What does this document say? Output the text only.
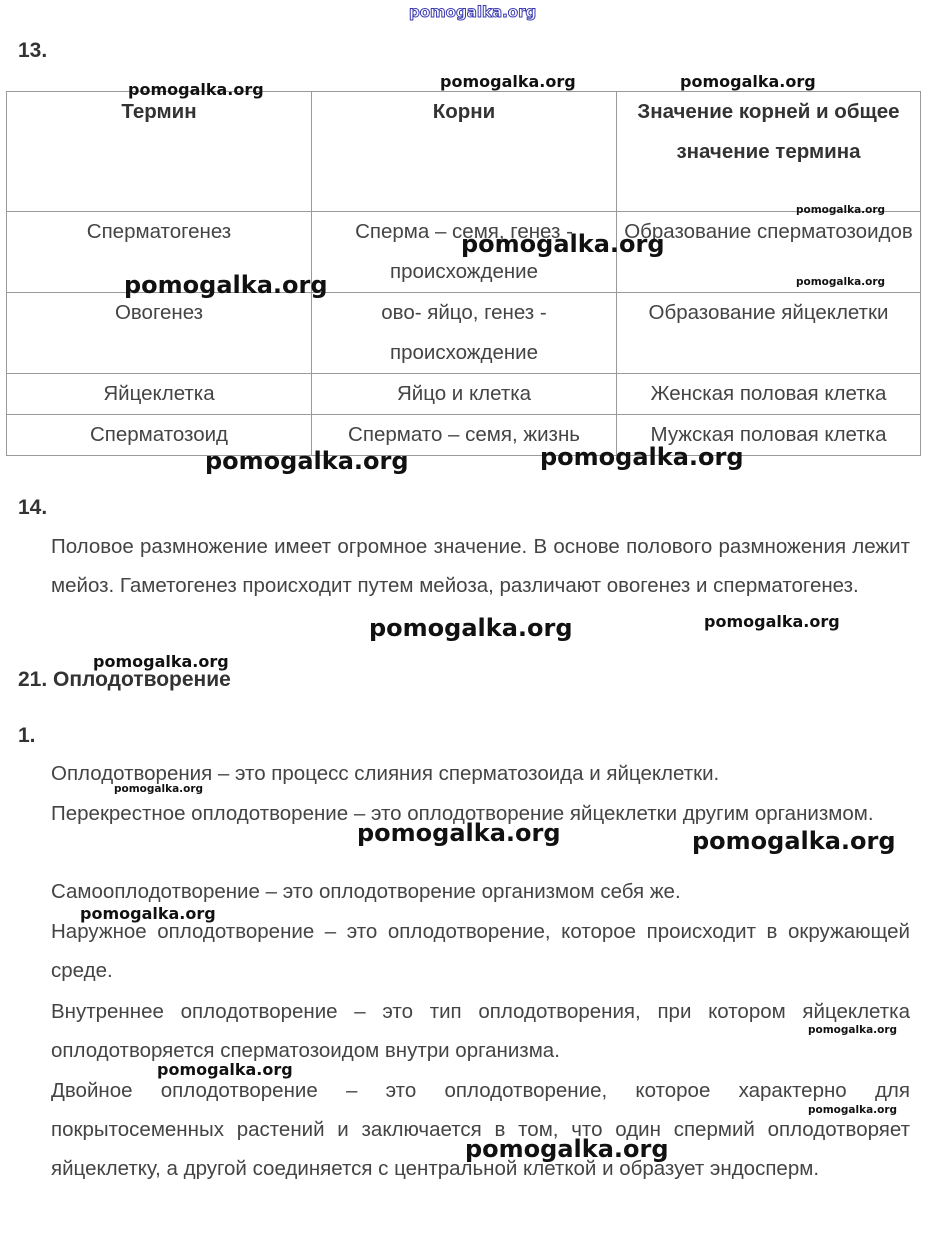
pomogalka.org
13.
Термин	Корни	Значение корней и общее значение термина
Сперматогенез	Сперма – семя, генез - происхождение	Образование сперматозоидов
Овогенез	ово- яйцо, генез - происхождение	Образование яйцеклетки
Яйцеклетка	Яйцо и клетка	Женская половая клетка
Сперматозоид	Спермато – семя, жизнь	Мужская половая клетка
14.
Половое размножение имеет огромное значение. В основе полового размножения лежит мейоз. Гаметогенез происходит путем мейоза, различают овогенез и сперматогенез.
21. Оплодотворение
1.
Оплодотворения – это процесс слияния сперматозоида и яйцеклетки.
Перекрестное оплодотворение – это оплодотворение яйцеклетки другим организмом.
Самооплодотворение – это оплодотворение организмом себя же.
Наружное оплодотворение – это оплодотворение, которое происходит в окружающей среде.
Внутреннее оплодотворение – это тип оплодотворения, при котором яйцеклетка оплодотворяется сперматозоидом внутри организма.
Двойное оплодотворение – это оплодотворение, которое характерно для покрытосеменных растений и заключается в том, что один спермий оплодотворяет яйцеклетку, а другой соединяется с центральной клеткой и образует эндосперм.
pomogalka.org	pomogalka.org	pomogalka.org
pomogalka.org
pomogalka.org
pomogalka.org
pomogalka.org
pomogalka.org	pomogalka.org
pomogalka.org	pomogalka.org
pomogalka.org
pomogalka.org
pomogalka.org	pomogalka.org
pomogalka.org
pomogalka.org
pomogalka.org
pomogalka.org
pomogalka.org
